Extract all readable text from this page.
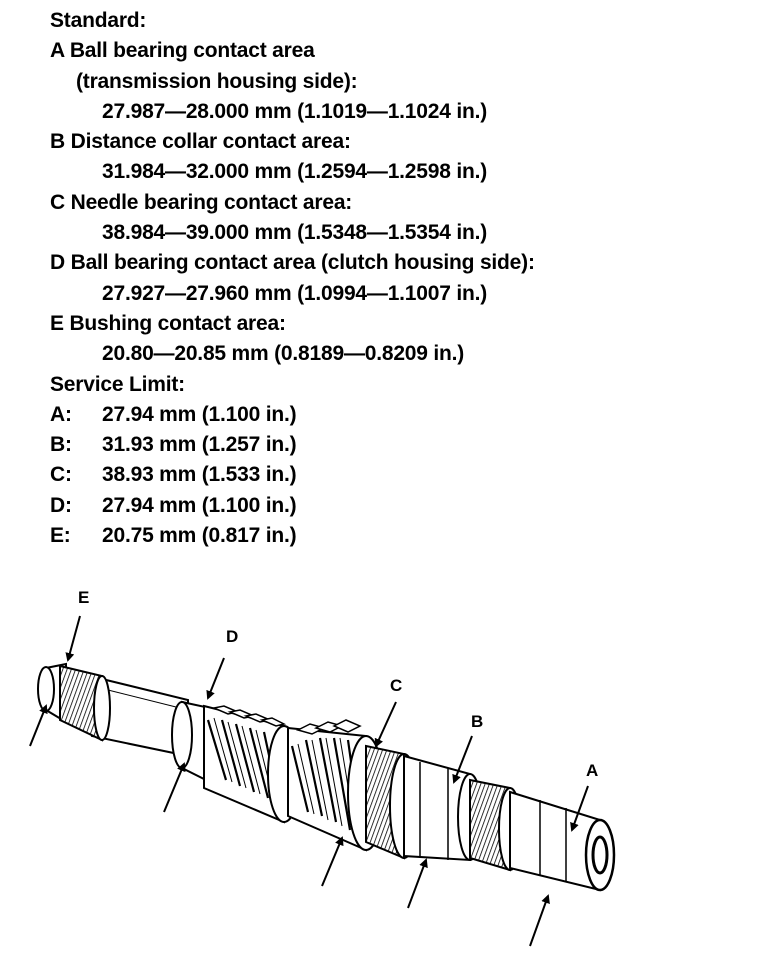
Standard:
A Ball bearing contact area
(transmission housing side):
27.987—28.000 mm (1.1019—1.1024 in.)
B Distance collar contact area:
31.984—32.000 mm (1.2594—1.2598 in.)
C Needle bearing contact area:
38.984—39.000 mm (1.5348—1.5354 in.)
D Ball bearing contact area (clutch housing side):
27.927—27.960 mm (1.0994—1.1007 in.)
E Bushing contact area:
20.80—20.85 mm (0.8189—0.8209 in.)
Service Limit:
A: 27.94 mm (1.100 in.)
B: 31.93 mm (1.257 in.)
C: 38.93 mm (1.533 in.)
D: 27.94 mm (1.100 in.)
E: 20.75 mm (0.817 in.)
E
D
C
B
A
